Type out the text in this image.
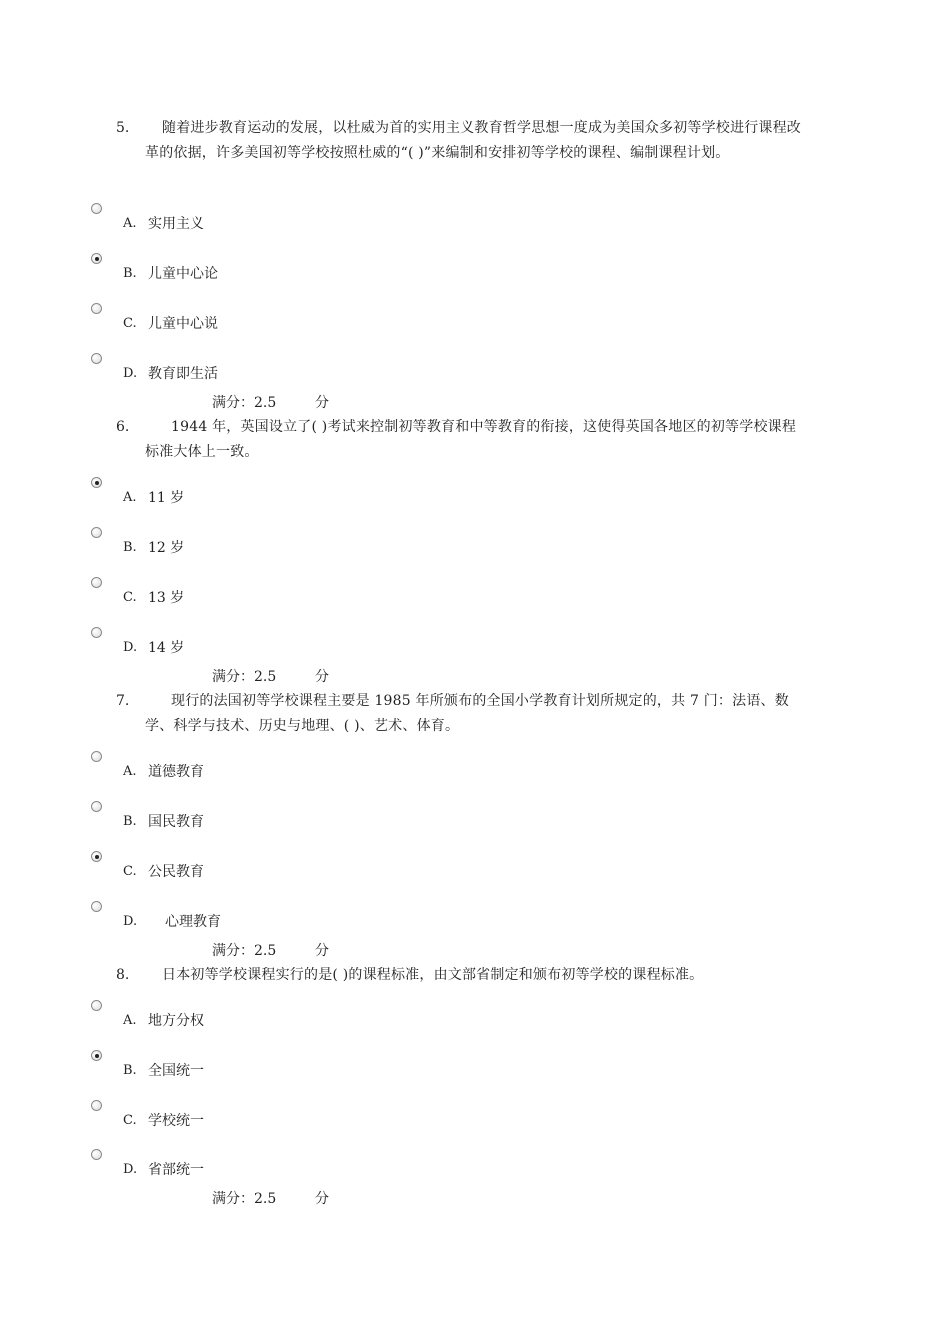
5.	随着进步教育运动的发展，以杜威为首的实用主义教育哲学思想一度成为美国众多初等学校进行课程改革的依据，许多美国初等学校按照杜威的“( )”来编制和安排初等学校的课程、编制课程计划。
A. 实用主义
B. 儿童中心论
C. 儿童中心说
D. 教育即生活
满分：2.5	分
6.	1944 年，英国设立了( )考试来控制初等教育和中等教育的衔接，这使得英国各地区的初等学校课程标准大体上一致。
A. 11 岁
B. 12 岁
C. 13 岁
D. 14 岁
满分：2.5	分
7.	现行的法国初等学校课程主要是 1985 年所颁布的全国小学教育计划所规定的，共 7 门：法语、数学、科学与技术、历史与地理、( )、艺术、体育。
A. 道德教育
B. 国民教育
C. 公民教育
D. 心理教育
满分：2.5	分
8.	日本初等学校课程实行的是( )的课程标准，由文部省制定和颁布初等学校的课程标准。
A. 地方分权
B. 全国统一
C. 学校统一
D. 省部统一
满分：2.5	分
